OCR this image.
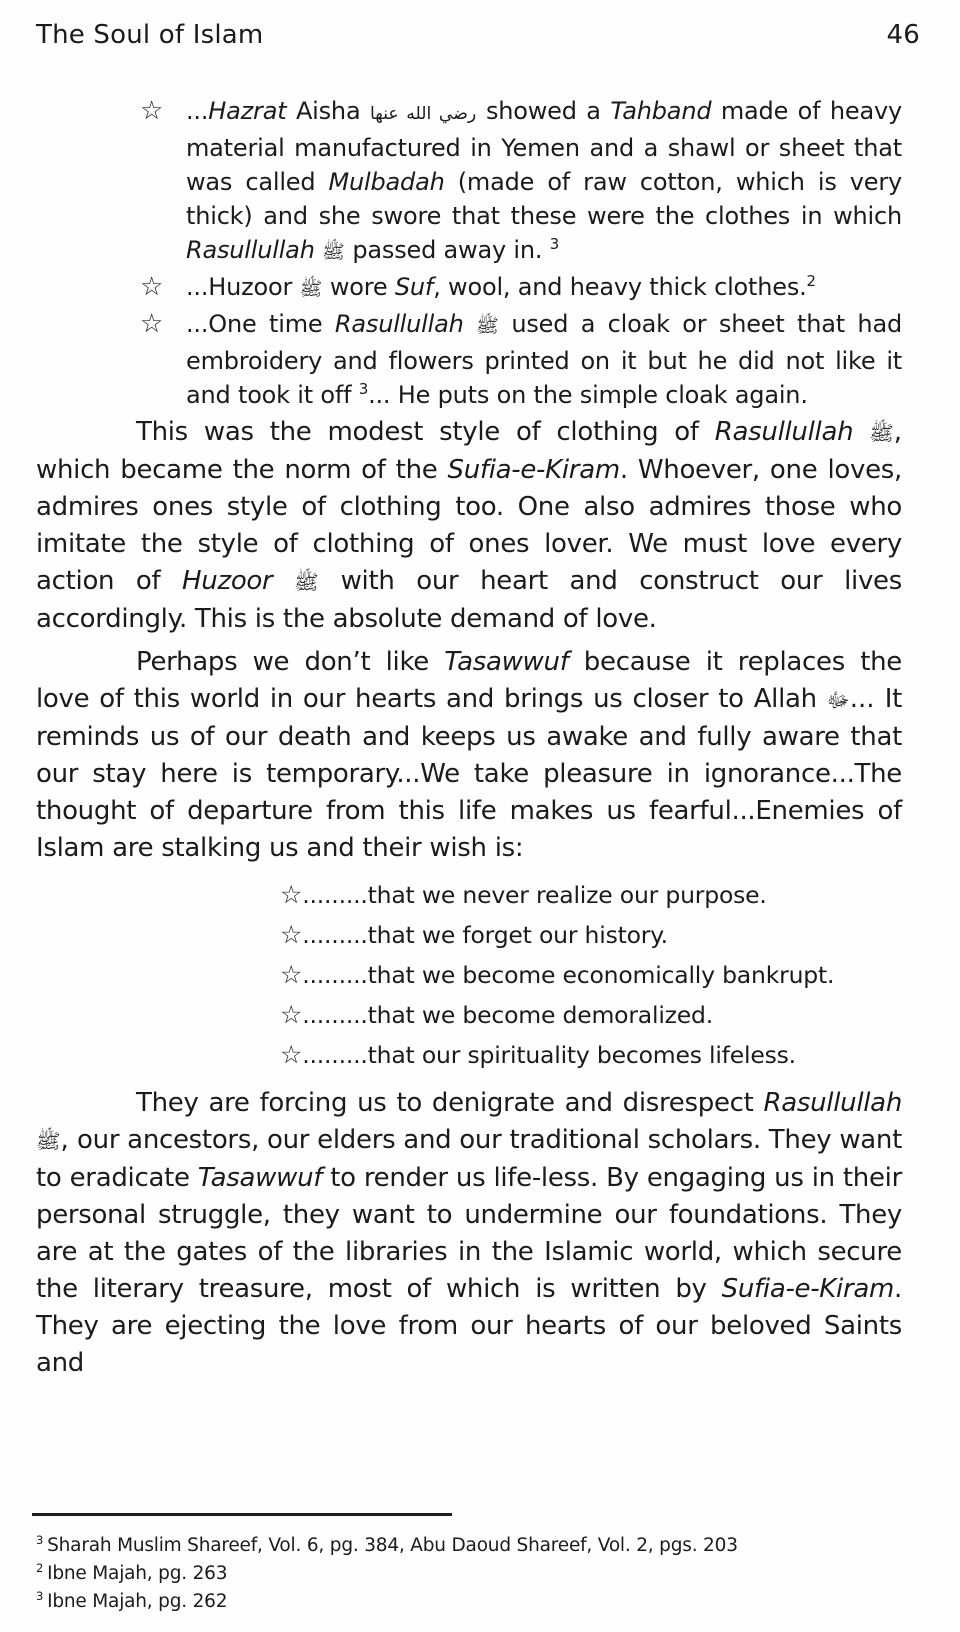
The Soul of Islam	46
☆ ...Hazrat Aisha رضي الله عنها showed a Tahband made of heavy material manufactured in Yemen and a shawl or sheet that was called Mulbadah (made of raw cotton, which is very thick) and she swore that these were the clothes in which Rasullullah ﷺ passed away in. $^3$
☆ ...Huzoor ﷺ wore Suf, wool, and heavy thick clothes.$^2$
☆ ...One time Rasullullah ﷺ used a cloak or sheet that had embroidery and flowers printed on it but he did not like it and took it off $^3$... He puts on the simple cloak again.
This was the modest style of clothing of Rasullullah ﷺ, which became the norm of the Sufia-e-Kiram. Whoever, one loves, admires ones style of clothing too. One also admires those who imitate the style of clothing of ones lover. We must love every action of Huzoor ﷺ with our heart and construct our lives accordingly. This is the absolute demand of love.
Perhaps we don’t like Tasawwuf because it replaces the love of this world in our hearts and brings us closer to Allah ﷻ... It reminds us of our death and keeps us awake and fully aware that our stay here is temporary...We take pleasure in ignorance...The thought of departure from this life makes us fearful...Enemies of Islam are stalking us and their wish is:
☆.........that we never realize our purpose.
☆.........that we forget our history.
☆.........that we become economically bankrupt.
☆.........that we become demoralized.
☆.........that our spirituality becomes lifeless.
They are forcing us to denigrate and disrespect Rasullullah ﷺ, our ancestors, our elders and our traditional scholars. They want to eradicate Tasawwuf to render us life-less. By engaging us in their personal struggle, they want to undermine our foundations. They are at the gates of the libraries in the Islamic world, which secure the literary treasure, most of which is written by Sufia-e-Kiram. They are ejecting the love from our hearts of our beloved Saints and
$^3$ Sharah Muslim Shareef, Vol. 6, pg. 384, Abu Daoud Shareef, Vol. 2, pgs. 203
$^2$ Ibne Majah, pg. 263
$^3$ Ibne Majah, pg. 262
